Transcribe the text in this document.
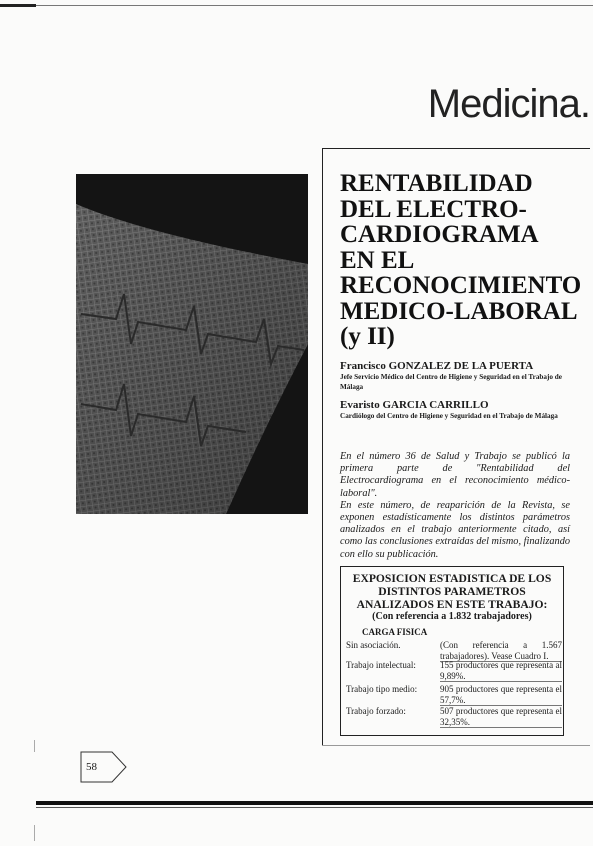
Medicina.
RENTABILIDAD
DEL ELECTRO-
CARDIOGRAMA
EN EL
RECONOCIMIENTO
MEDICO-LABORAL
(y II)
Francisco GONZALEZ DE LA PUERTA
Jefe Servicio Médico del Centro de Higiene y Seguridad en el Trabajo de Málaga
Evaristo GARCIA CARRILLO
Cardiólogo del Centro de Higiene y Seguridad en el Trabajo de Málaga

En el número 36 de Salud y Trabajo se publicó la primera parte de "Rentabilidad del Electrocardiograma en el reconocimiento médico-laboral".

En este número, de reaparición de la Revista, se exponen estadísticamente los distintos parámetros analizados en el trabajo anteriormente citado, así como las conclusiones extraídas del mismo, finalizando con ello su publicación.

EXPOSICION ESTADISTICA DE LOS DISTINTOS PARAMETROS ANALIZADOS EN ESTE TRABAJO:
(Con referencia a 1.832 trabajadores)
CARGA FISICA
Sin asociación.	(Con referencia a 1.567 trabajadores). Vease Cuadro I.
Trabajo intelectual:	155 productores que representa al 9,89%.
Trabajo tipo medio:	905 productores que representa el 57,7%.
Trabajo forzado:	507 productores que representa el 32,35%.
58
